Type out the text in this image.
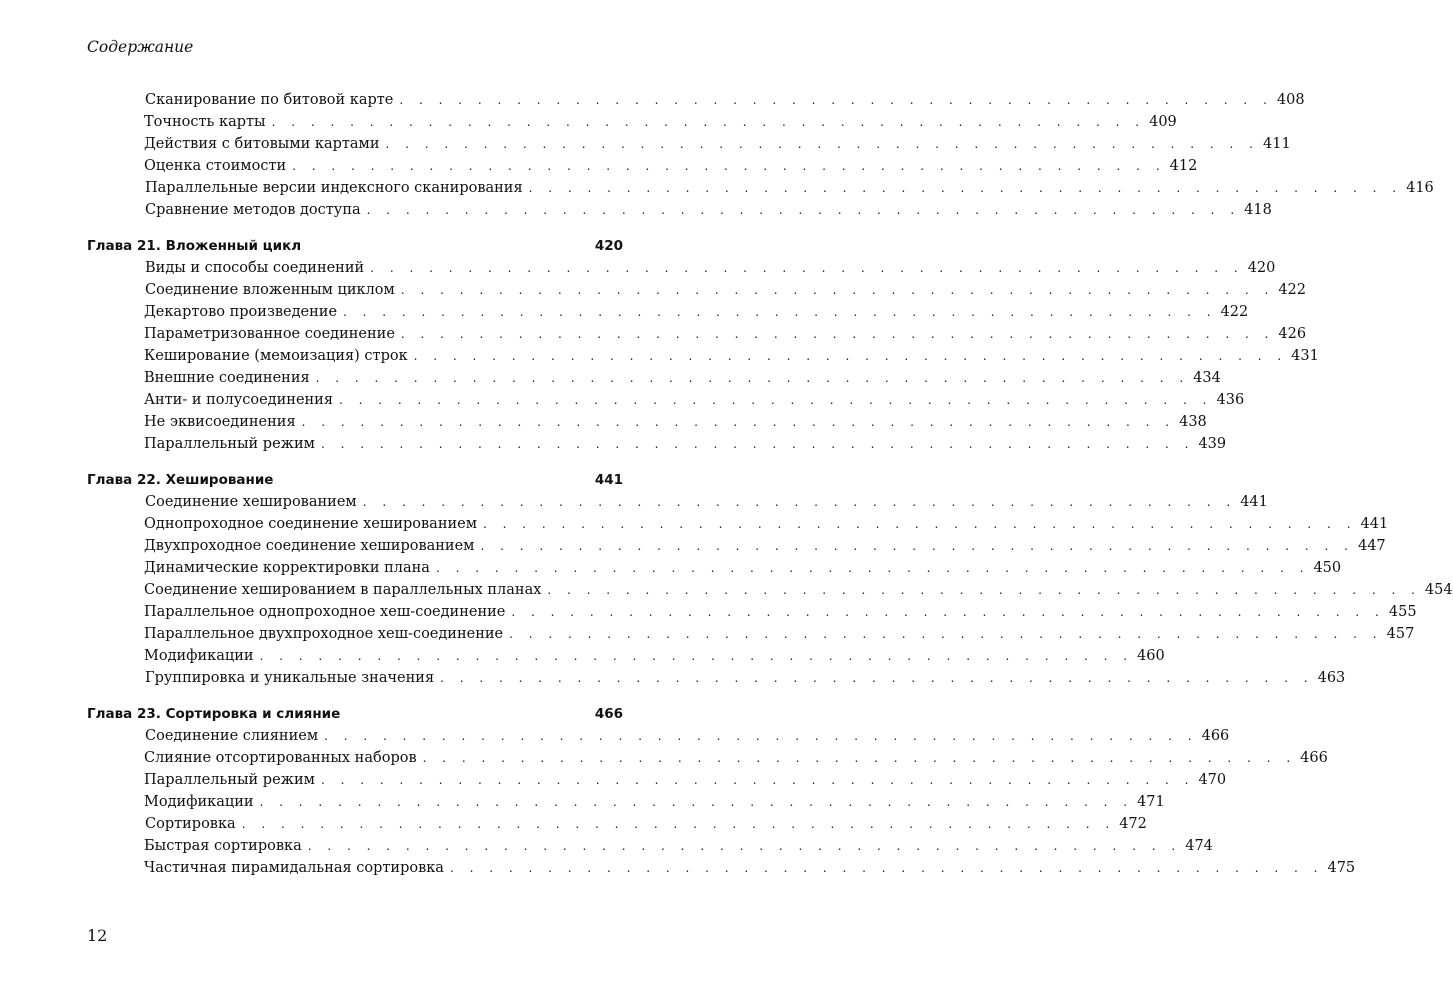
Содержание
Сканирование по битовой карте . . . . . . . . . . . . . . . . . . . . . . . . . . . . . . . . . . . . . . . . . . . . . 408
Точность карты . . . . . . . . . . . . . . . . . . . . . . . . . . . . . . . . . . . . . . . . . . . . . 409
Действия с битовыми картами . . . . . . . . . . . . . . . . . . . . . . . . . . . . . . . . . . . . . . . . . . . . . 411
Оценка стоимости . . . . . . . . . . . . . . . . . . . . . . . . . . . . . . . . . . . . . . . . . . . . . 412
Параллельные версии индексного сканирования . . . . . . . . . . . . . . . . . . . . . . . . . . . . . . . . . . . . . . . . . . . . . 416
Сравнение методов доступа . . . . . . . . . . . . . . . . . . . . . . . . . . . . . . . . . . . . . . . . . . . . . 418
Глава 21. Вложенный цикл	420
Виды и способы соединений . . . . . . . . . . . . . . . . . . . . . . . . . . . . . . . . . . . . . . . . . . . . . 420
Соединение вложенным циклом . . . . . . . . . . . . . . . . . . . . . . . . . . . . . . . . . . . . . . . . . . . . . 422
Декартово произведение . . . . . . . . . . . . . . . . . . . . . . . . . . . . . . . . . . . . . . . . . . . . . 422
Параметризованное соединение . . . . . . . . . . . . . . . . . . . . . . . . . . . . . . . . . . . . . . . . . . . . . 426
Кеширование (мемоизация) строк . . . . . . . . . . . . . . . . . . . . . . . . . . . . . . . . . . . . . . . . . . . . . 431
Внешние соединения . . . . . . . . . . . . . . . . . . . . . . . . . . . . . . . . . . . . . . . . . . . . . 434
Анти- и полусоединения . . . . . . . . . . . . . . . . . . . . . . . . . . . . . . . . . . . . . . . . . . . . . 436
Не эквисоединения . . . . . . . . . . . . . . . . . . . . . . . . . . . . . . . . . . . . . . . . . . . . . 438
Параллельный режим . . . . . . . . . . . . . . . . . . . . . . . . . . . . . . . . . . . . . . . . . . . . . 439
Глава 22. Хеширование	441
Соединение хешированием . . . . . . . . . . . . . . . . . . . . . . . . . . . . . . . . . . . . . . . . . . . . . 441
Однопроходное соединение хешированием . . . . . . . . . . . . . . . . . . . . . . . . . . . . . . . . . . . . . . . . . . . . . 441
Двухпроходное соединение хешированием . . . . . . . . . . . . . . . . . . . . . . . . . . . . . . . . . . . . . . . . . . . . . 447
Динамические корректировки плана . . . . . . . . . . . . . . . . . . . . . . . . . . . . . . . . . . . . . . . . . . . . . 450
Соединение хешированием в параллельных планах . . . . . . . . . . . . . . . . . . . . . . . . . . . . . . . . . . . . . . . . . . . . . 454
Параллельное однопроходное хеш-соединение . . . . . . . . . . . . . . . . . . . . . . . . . . . . . . . . . . . . . . . . . . . . . 455
Параллельное двухпроходное хеш-соединение . . . . . . . . . . . . . . . . . . . . . . . . . . . . . . . . . . . . . . . . . . . . . 457
Модификации . . . . . . . . . . . . . . . . . . . . . . . . . . . . . . . . . . . . . . . . . . . . . 460
Группировка и уникальные значения . . . . . . . . . . . . . . . . . . . . . . . . . . . . . . . . . . . . . . . . . . . . . 463
Глава 23. Сортировка и слияние	466
Соединение слиянием . . . . . . . . . . . . . . . . . . . . . . . . . . . . . . . . . . . . . . . . . . . . . 466
Слияние отсортированных наборов . . . . . . . . . . . . . . . . . . . . . . . . . . . . . . . . . . . . . . . . . . . . . 466
Параллельный режим . . . . . . . . . . . . . . . . . . . . . . . . . . . . . . . . . . . . . . . . . . . . . 470
Модификации . . . . . . . . . . . . . . . . . . . . . . . . . . . . . . . . . . . . . . . . . . . . . 471
Сортировка . . . . . . . . . . . . . . . . . . . . . . . . . . . . . . . . . . . . . . . . . . . . . 472
Быстрая сортировка . . . . . . . . . . . . . . . . . . . . . . . . . . . . . . . . . . . . . . . . . . . . . 474
Частичная пирамидальная сортировка . . . . . . . . . . . . . . . . . . . . . . . . . . . . . . . . . . . . . . . . . . . . . 475
12
